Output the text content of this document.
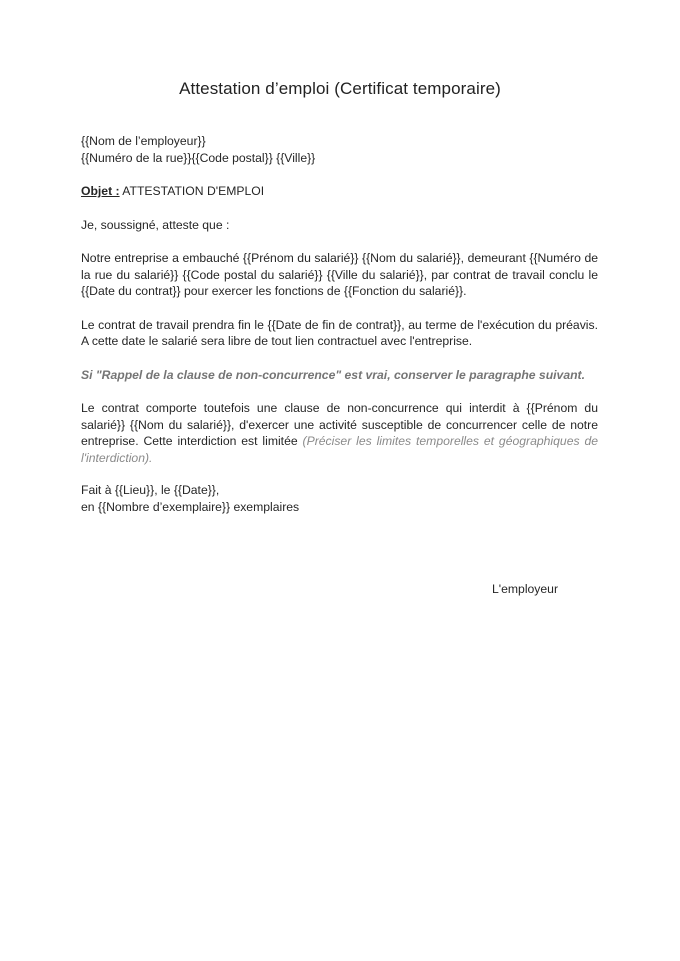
Attestation d’emploi (Certificat temporaire)

{{Nom de l’employeur}}

{{Numéro de la rue}}{{Code postal}} {{Ville}}

Objet : ATTESTATION D'EMPLOI

Je, soussigné, atteste que :

Notre entreprise a embauché {{Prénom du salarié}} {{Nom du salarié}}, demeurant {{Numéro de la rue du salarié}} {{Code postal du salarié}} {{Ville du salarié}}, par contrat de travail conclu le {{Date du contrat}} pour exercer les fonctions de {{Fonction du salarié}}.

Le contrat de travail prendra fin le {{Date de fin de contrat}}, au terme de l'exécution du préavis. A cette date le salarié sera libre de tout lien contractuel avec l'entreprise.

Si "Rappel de la clause de non-concurrence" est vrai, conserver le paragraphe suivant.

Le contrat comporte toutefois une clause de non-concurrence qui interdit à {{Prénom du salarié}} {{Nom du salarié}}, d'exercer une activité susceptible de concurrencer celle de notre entreprise. Cette interdiction est limitée (Préciser les limites temporelles et géographiques de l'interdiction).

Fait à {{Lieu}}, le {{Date}},

en {{Nombre d’exemplaire}} exemplaires

L'employeur
